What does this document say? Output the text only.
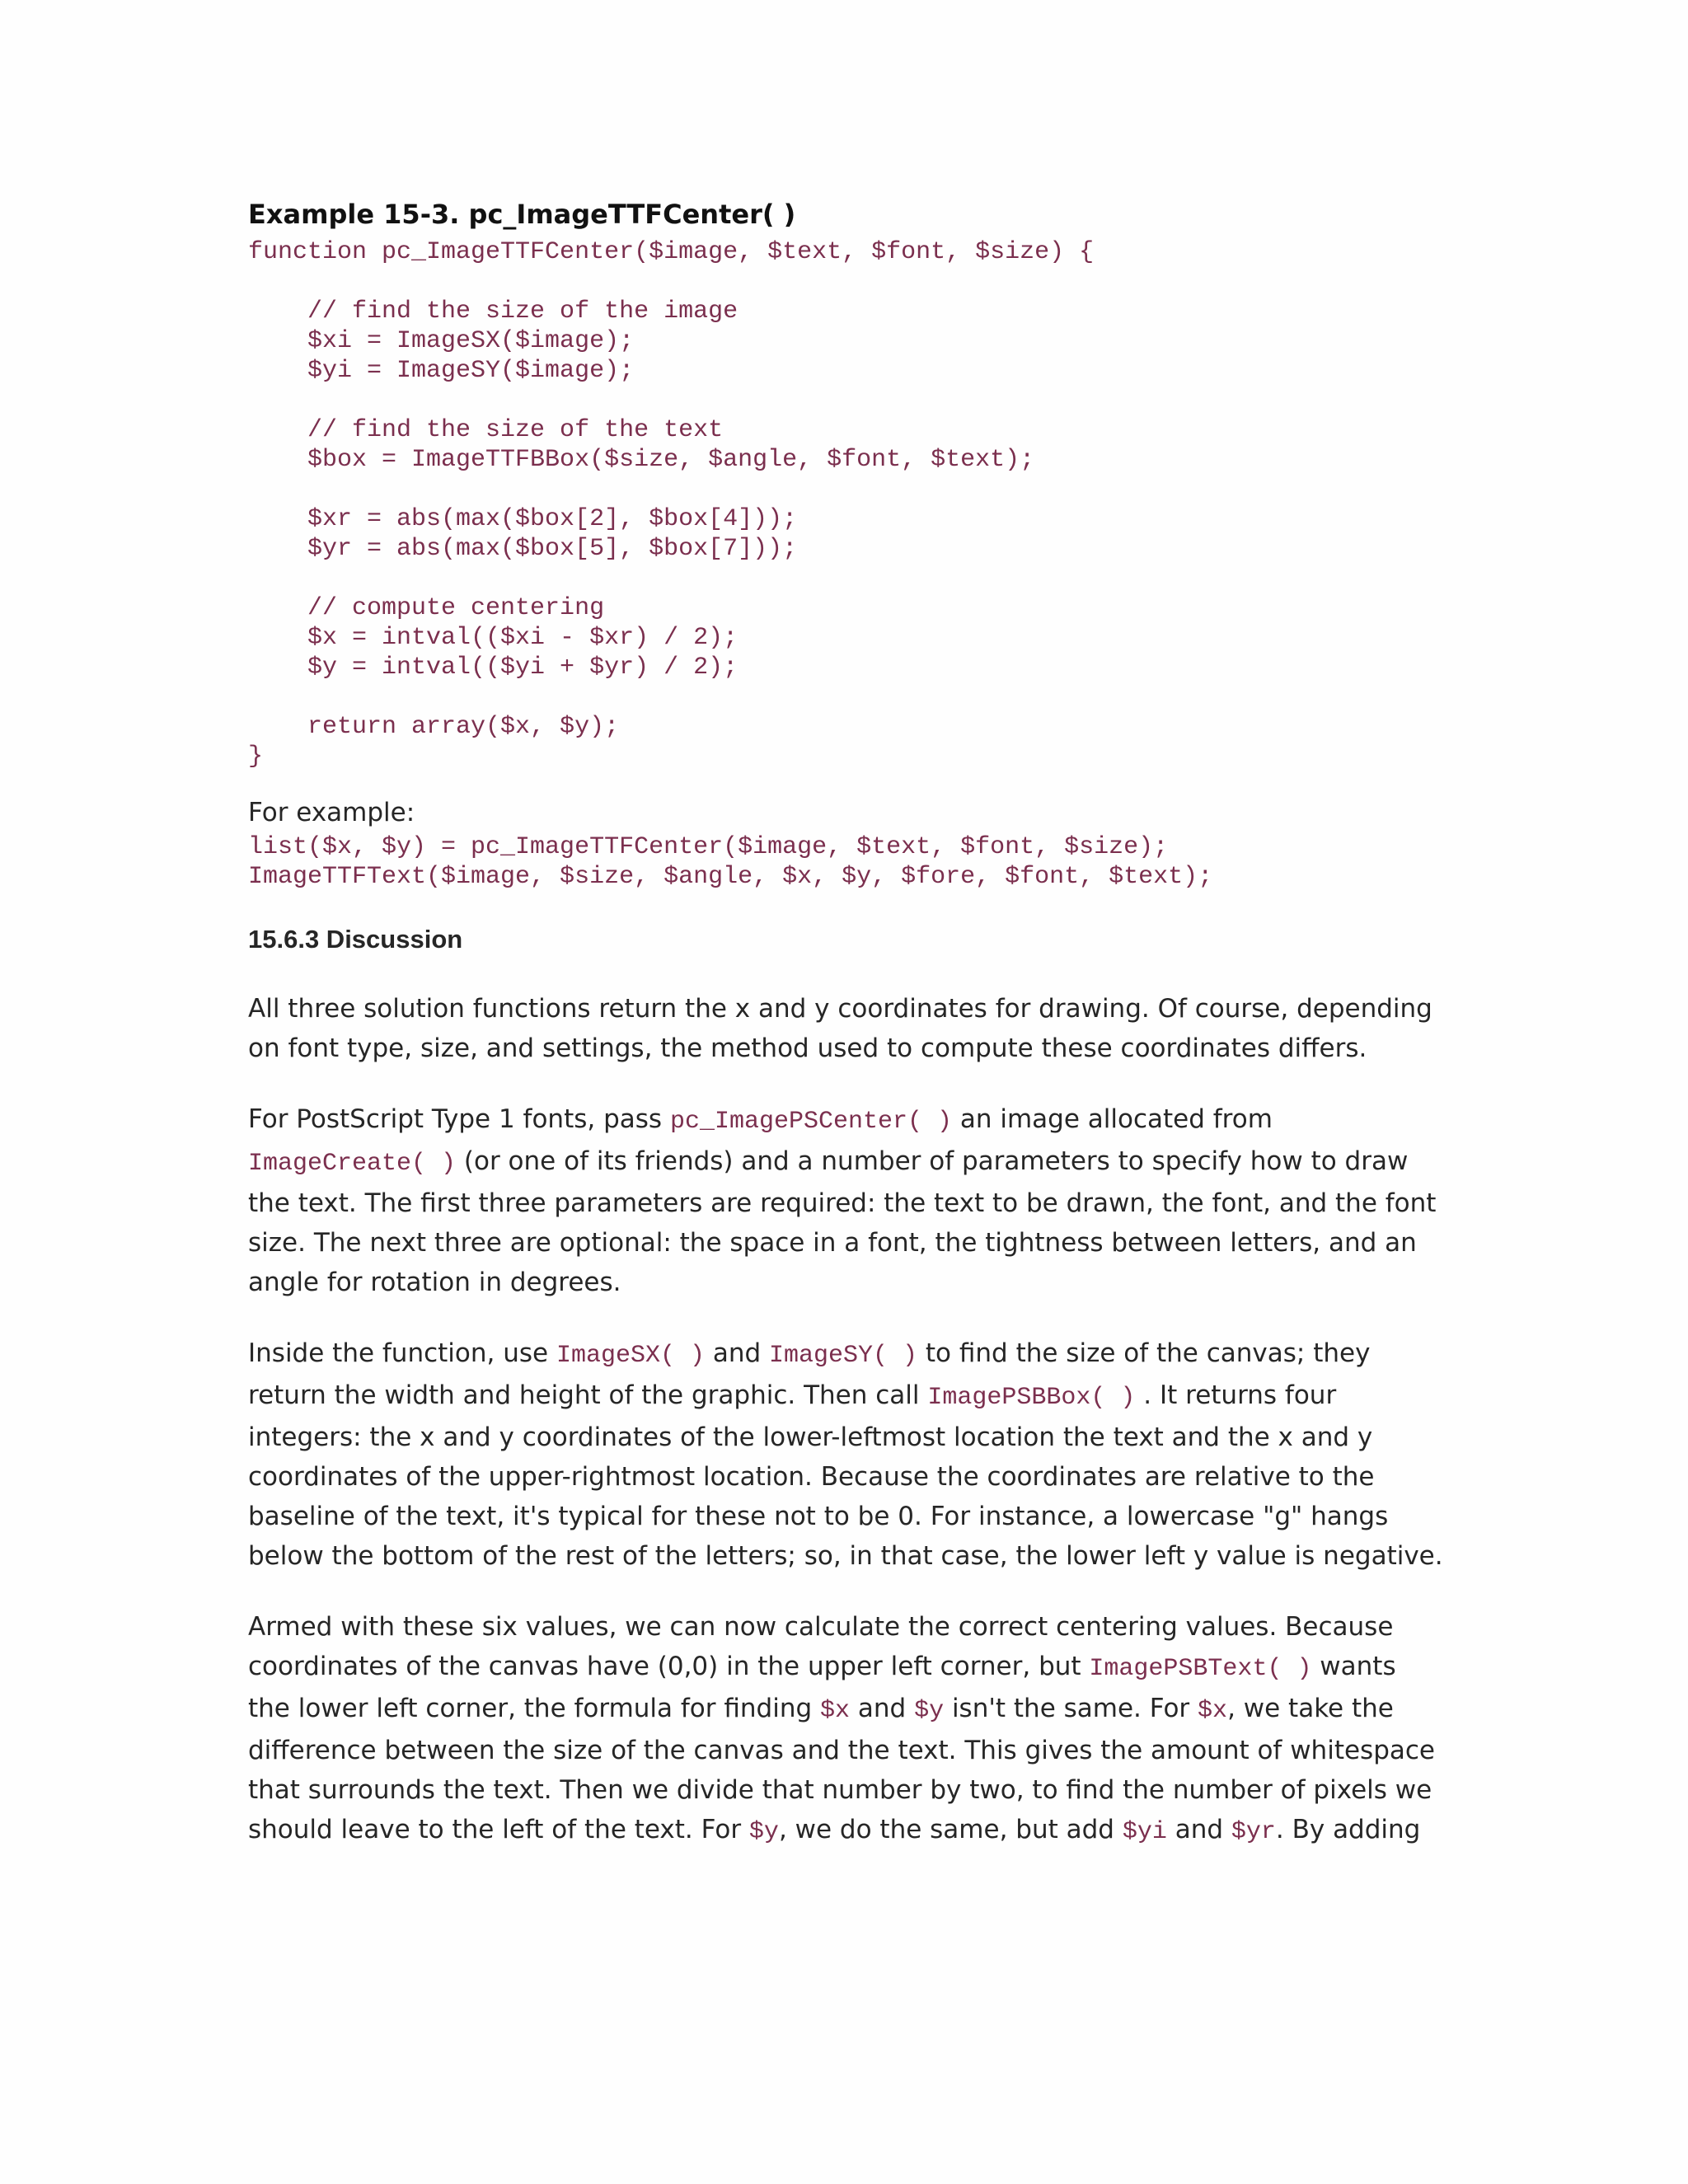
Example 15-3. pc_ImageTTFCenter( )
function pc_ImageTTFCenter($image, $text, $font, $size) {

// find the size of the image
$xi = ImageSX($image);
$yi = ImageSY($image);

// find the size of the text
$box = ImageTTFBBox($size, $angle, $font, $text);

$xr = abs(max($box[2], $box[4]));
$yr = abs(max($box[5], $box[7]));

// compute centering
$x = intval(($xi - $xr) / 2);
$y = intval(($yi + $yr) / 2);

return array($x, $y);
}

For example:

list($x, $y) = pc_ImageTTFCenter($image, $text, $font, $size);
ImageTTFText($image, $size, $angle, $x, $y, $fore, $font, $text);
15.6.3 Discussion

All three solution functions return the x and y coordinates for drawing. Of course, depending on font type, size, and settings, the method used to compute these coordinates differs.

For PostScript Type 1 fonts, pass pc_ImagePSCenter( ) an image allocated from ImageCreate( ) (or one of its friends) and a number of parameters to specify how to draw the text. The first three parameters are required: the text to be drawn, the font, and the font size. The next three are optional: the space in a font, the tightness between letters, and an angle for rotation in degrees.

Inside the function, use ImageSX( ) and ImageSY( ) to find the size of the canvas; they return the width and height of the graphic. Then call ImagePSBBox( ) . It returns four integers: the x and y coordinates of the lower-leftmost location the text and the x and y coordinates of the upper-rightmost location. Because the coordinates are relative to the baseline of the text, it's typical for these not to be 0. For instance, a lowercase "g" hangs below the bottom of the rest of the letters; so, in that case, the lower left y value is negative.

Armed with these six values, we can now calculate the correct centering values. Because coordinates of the canvas have (0,0) in the upper left corner, but ImagePSBText( ) wants the lower left corner, the formula for finding $x and $y isn't the same. For $x, we take the difference between the size of the canvas and the text. This gives the amount of whitespace that surrounds the text. Then we divide that number by two, to find the number of pixels we should leave to the left of the text. For $y, we do the same, but add $yi and $yr. By adding
